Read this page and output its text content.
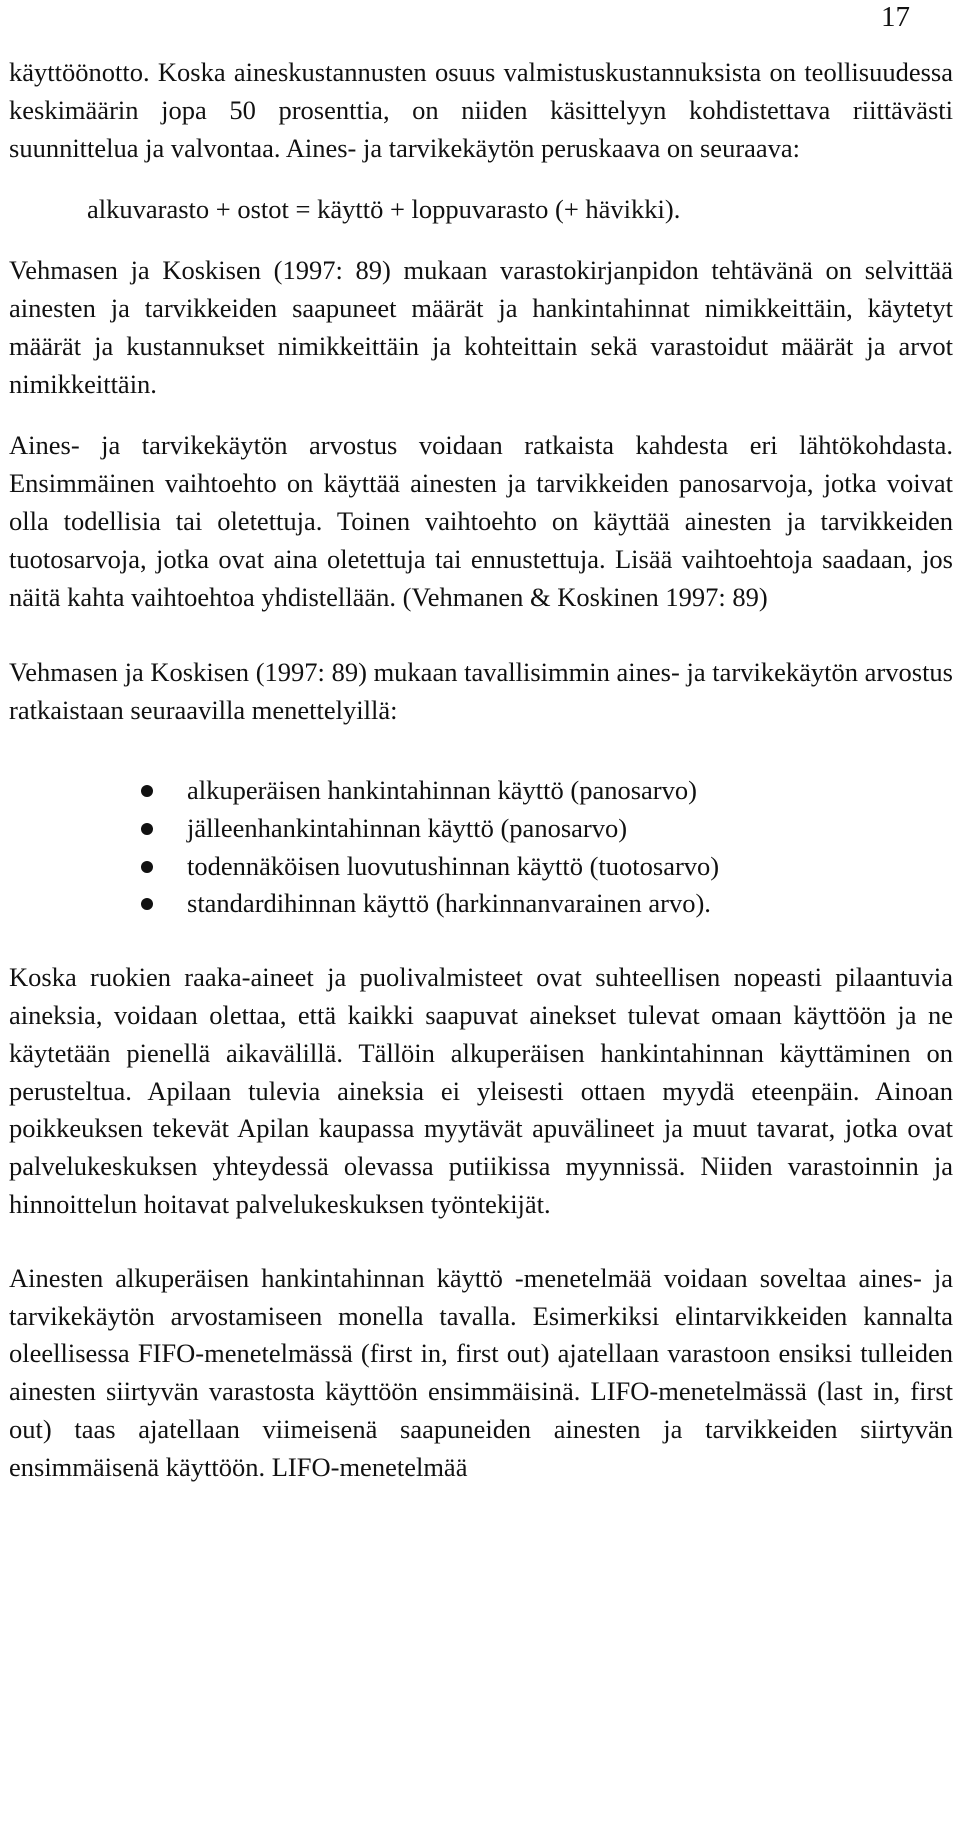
17

käyttöönotto. Koska aineskustannusten osuus valmistuskustannuksista on teollisuudessa keskimäärin jopa 50 prosenttia, on niiden käsittelyyn kohdistettava riittävästi suunnittelua ja valvontaa. Aines- ja tarvikekäytön peruskaava on seuraava:

alkuvarasto + ostot = käyttö + loppuvarasto (+ hävikki).

Vehmasen ja Koskisen (1997: 89) mukaan varastokirjanpidon tehtävänä on selvittää ainesten ja tarvikkeiden saapuneet määrät ja hankintahinnat nimikkeittäin, käytetyt määrät ja kustannukset nimikkeittäin ja kohteittain sekä varastoidut määrät ja arvot nimikkeittäin.

Aines- ja tarvikekäytön arvostus voidaan ratkaista kahdesta eri lähtökohdasta. Ensimmäinen vaihtoehto on käyttää ainesten ja tarvikkeiden panosarvoja, jotka voivat olla todellisia tai oletettuja. Toinen vaihtoehto on käyttää ainesten ja tarvikkeiden tuotosarvoja, jotka ovat aina oletettuja tai ennustettuja. Lisää vaihtoehtoja saadaan, jos näitä kahta vaihtoehtoa yhdistellään. (Vehmanen & Koskinen 1997: 89)

Vehmasen ja Koskisen (1997: 89) mukaan tavallisimmin aines- ja tarvikekäytön arvostus ratkaistaan seuraavilla menettelyillä:

alkuperäisen hankintahinnan käyttö (panosarvo)
jälleenhankintahinnan käyttö (panosarvo)
todennäköisen luovutushinnan käyttö (tuotosarvo)
standardihinnan käyttö (harkinnanvarainen arvo).

Koska ruokien raaka-aineet ja puolivalmisteet ovat suhteellisen nopeasti pilaantuvia aineksia, voidaan olettaa, että kaikki saapuvat ainekset tulevat omaan käyttöön ja ne käytetään pienellä aikavälillä. Tällöin alkuperäisen hankintahinnan käyttäminen on perusteltua. Apilaan tulevia aineksia ei yleisesti ottaen myydä eteenpäin. Ainoan poikkeuksen tekevät Apilan kaupassa myytävät apuvälineet ja muut tavarat, jotka ovat palvelukeskuksen yhteydessä olevassa putiikissa myynnissä. Niiden varastoinnin ja hinnoittelun hoitavat palvelukeskuksen työntekijät.

Ainesten alkuperäisen hankintahinnan käyttö -menetelmää voidaan soveltaa aines- ja tarvikekäytön arvostamiseen monella tavalla. Esimerkiksi elintarvikkeiden kannalta oleellisessa FIFO-menetelmässä (first in, first out) ajatellaan varastoon ensiksi tulleiden ainesten siirtyvän varastosta käyttöön ensimmäisinä. LIFO-menetelmässä (last in, first out) taas ajatellaan viimeisenä saapuneiden ainesten ja tarvikkeiden siirtyvän ensimmäisenä käyttöön. LIFO-menetelmää
